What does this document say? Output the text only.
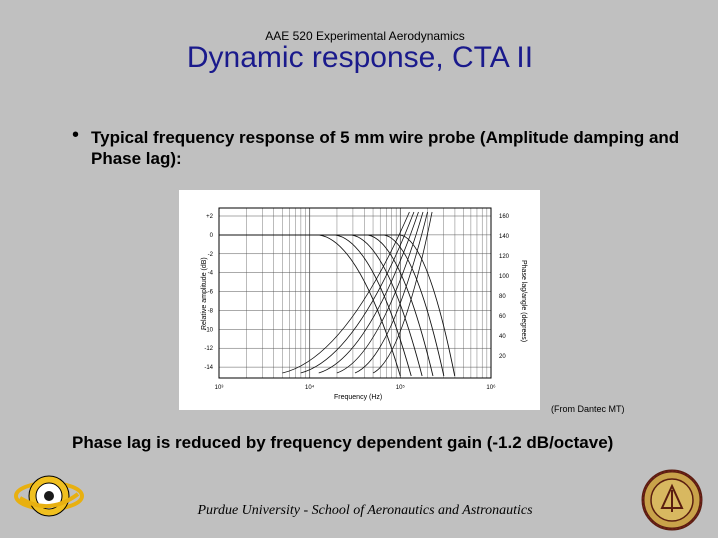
AAE 520 Experimental Aerodynamics
Dynamic response, CTA II
• Typical frequency response of 5 mm wire probe (Amplitude damping and Phase lag):
+2
0
-2
-4
-6
-8
-10
-12
-14
160
140
120
100
80
60
40
20
10³	10⁴	10⁵	10⁶
Relative amplitude (dB)	Phase lag/angle (degrees)
Frequency (Hz)
(From Dantec MT)
Phase lag is reduced by frequency dependent gain (-1.2 dB/octave)
Purdue University - School of Aeronautics and Astronautics
